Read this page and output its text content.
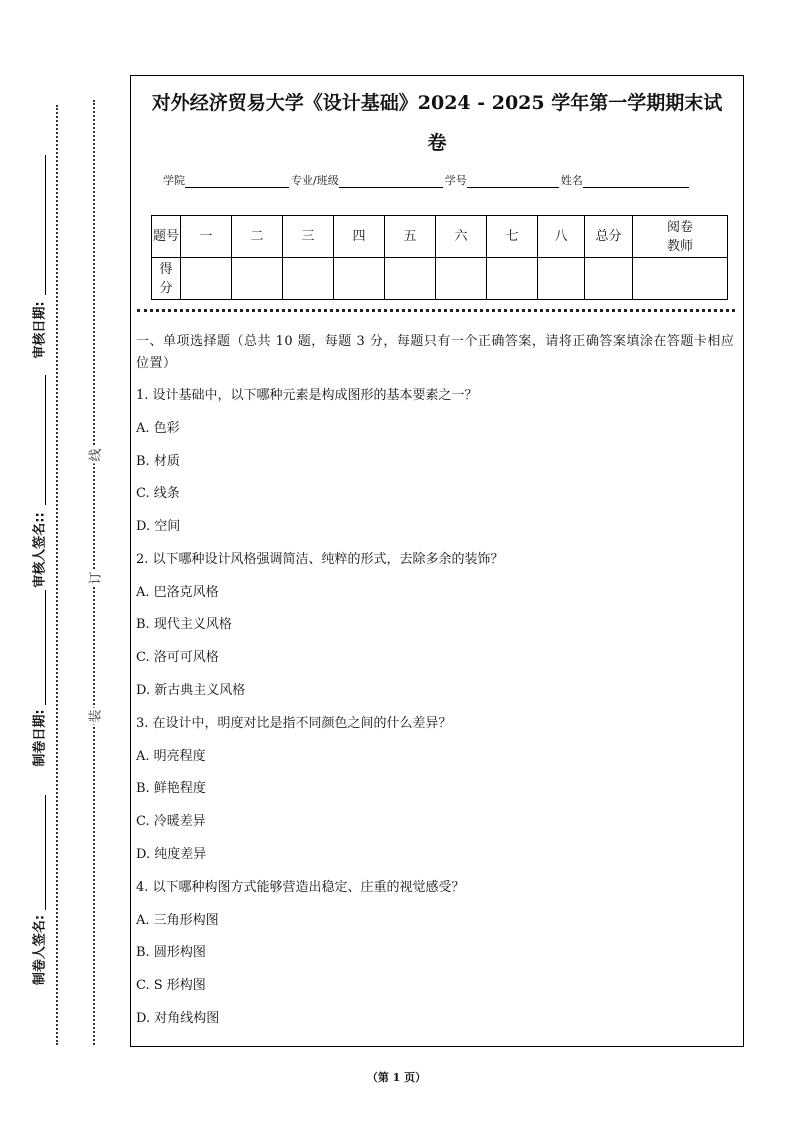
审核日期:
审核人签名::
制卷日期:
制卷人签名:
线
订
装
对外经济贸易大学《设计基础》2024 - 2025 学年第一学期期末试
卷
学院	专业/班级	学号	姓名
题号	一	二	三	四	五	六	七	八	总分	阅卷教师
得分										
一、单项选择题（总共 10 题，每题 3 分，每题只有一个正确答案，请将正确答案填涂在答题卡相应位置）
1. 设计基础中，以下哪种元素是构成图形的基本要素之一？
A. 色彩
B. 材质
C. 线条
D. 空间
2. 以下哪种设计风格强调简洁、纯粹的形式，去除多余的装饰？
A. 巴洛克风格
B. 现代主义风格
C. 洛可可风格
D. 新古典主义风格
3. 在设计中，明度对比是指不同颜色之间的什么差异？
A. 明亮程度
B. 鲜艳程度
C. 冷暖差异
D. 纯度差异
4. 以下哪种构图方式能够营造出稳定、庄重的视觉感受？
A. 三角形构图
B. 圆形构图
C. S 形构图
D. 对角线构图
（第 1 页）
